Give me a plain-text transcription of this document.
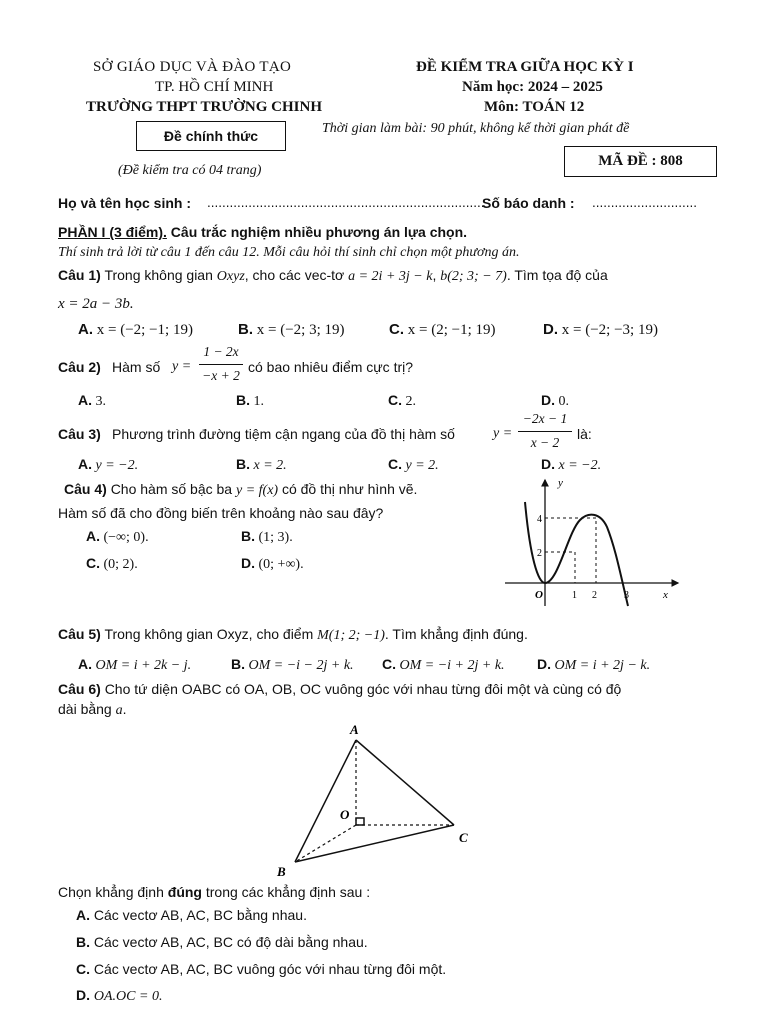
SỞ GIÁO DỤC VÀ ĐÀO TẠO
TP. HỒ CHÍ MINH
TRƯỜNG THPT TRƯỜNG CHINH
Đề chính thức
(Đề kiểm tra có 04 trang)
ĐỀ KIỂM TRA GIỮA HỌC KỲ I
Năm học: 2024 – 2025
Môn: TOÁN 12
Thời gian làm bài: 90 phút, không kể thời gian phát đề
MÃ ĐỀ : 808
Họ và tên học sinh : ..........................................................................
Số báo danh : ............................
PHẦN I (3 điểm). Câu trắc nghiệm nhiều phương án lựa chọn.
Thí sinh trả lời từ câu 1 đến câu 12. Mỗi câu hỏi thí sinh chỉ chọn một phương án.
Câu 1) Trong không gian Oxyz, cho các vec-tơ a = 2i + 3j − k, b(2; 3; − 7). Tìm tọa độ của
x = 2a − 3b.
A. x = (−2; −1; 19)	B. x = (−2; 3; 19)	C. x = (2; −1; 19)	D. x = (−2; −3; 19)
Câu 2) Hàm số y =
1 − 2x
−x + 2
có bao nhiêu điểm cực trị?
A. 3.	B. 1.	C. 2.	D. 0.
Câu 3) Phương trình đường tiệm cận ngang của đồ thị hàm số	y =
−2x − 1
x − 2
là:
A. y = −2.	B. x = 2.	C. y = 2.	D. x = −2.
Câu 4) Cho hàm số bậc ba y = f(x) có đồ thị như hình vẽ.
Hàm số đã cho đồng biến trên khoảng nào sau đây?
A. (−∞; 0).	B. (1; 3).
C. (0; 2).	D. (0; +∞).
y
x
O	1 2	3
2
4
Câu 5) Trong không gian Oxyz, cho điểm M(1; 2; −1). Tìm khẳng định đúng.
A. OM = i + 2k − j.	B. OM = −i − 2j + k. C. OM = −i + 2j + k. D. OM = i + 2j − k.
Câu 6) Cho tứ diện OABC có OA, OB, OC vuông góc với nhau từng đôi một và cùng có độ
dài bằng a.
A
O
C
B
Chọn khẳng định đúng trong các khẳng định sau :
A. Các vectơ AB, AC, BC bằng nhau.
B. Các vectơ AB, AC, BC có độ dài bằng nhau.
C. Các vectơ AB, AC, BC vuông góc với nhau từng đôi một.
D. OA.OC = 0.
